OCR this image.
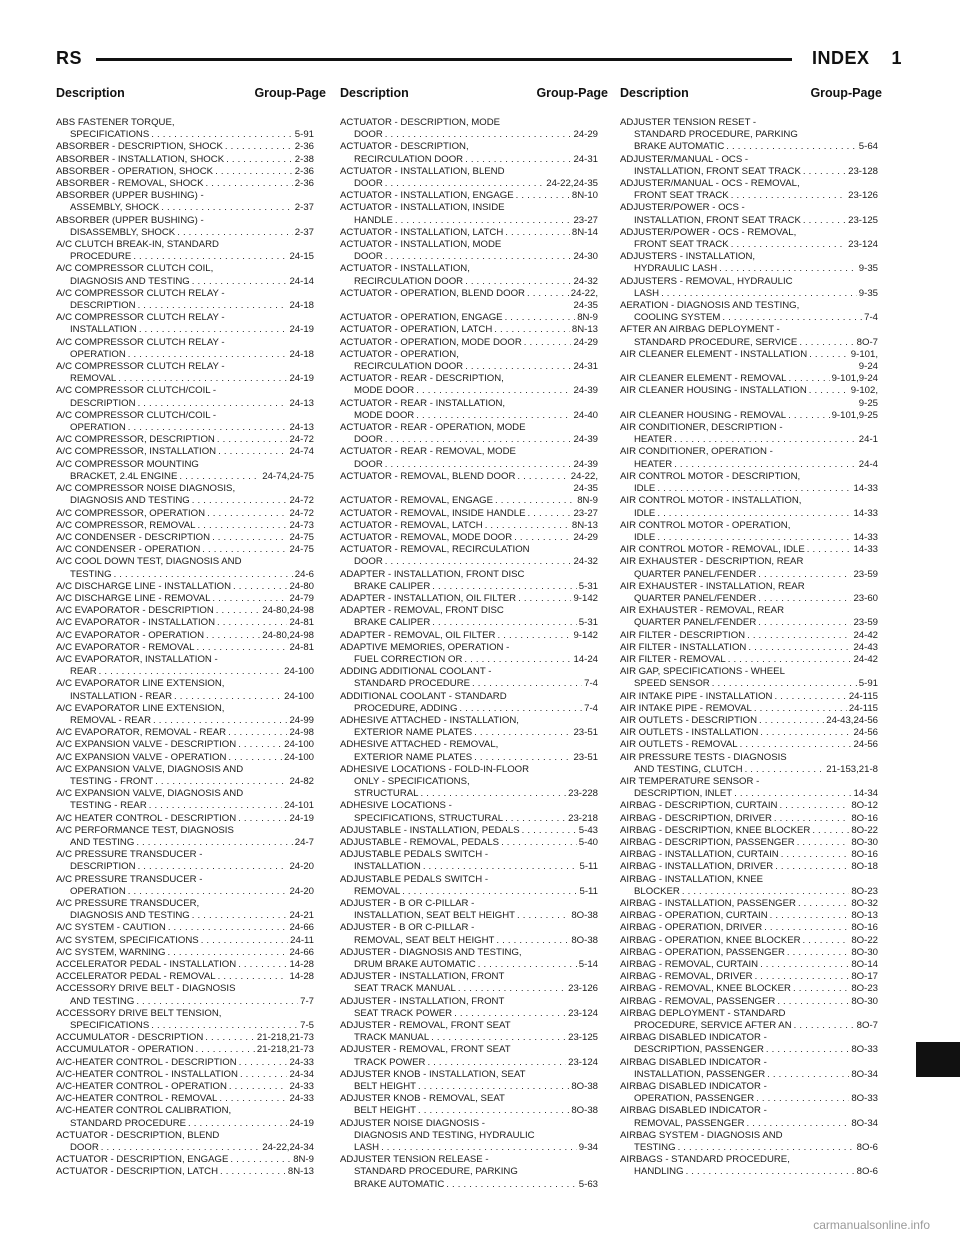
RS	INDEX 1
Description	Group-Page Description	Group-Page Description	Group-Page
ABS FASTENER TORQUE,
SPECIFICATIONS . . .	5-91
ABSORBER - DESCRIPTION, SHOCK . . .	2-36
ABSORBER - INSTALLATION, SHOCK . . .	2-38
ABSORBER - OPERATION, SHOCK . . .	2-36
ABSORBER - REMOVAL, SHOCK . . .	2-36
ABSORBER (UPPER BUSHING) -
ASSEMBLY, SHOCK . . .	2-37
ABSORBER (UPPER BUSHING) -
DISASSEMBLY, SHOCK . . .	2-37
A/C CLUTCH BREAK-IN, STANDARD
PROCEDURE . . .	24-15
A/C COMPRESSOR CLUTCH COIL,
DIAGNOSIS AND TESTING . . .	24-14
A/C COMPRESSOR CLUTCH RELAY -
DESCRIPTION . . .	24-18
A/C COMPRESSOR CLUTCH RELAY -
INSTALLATION . . .	24-19
A/C COMPRESSOR CLUTCH RELAY -
OPERATION . . .	24-18
A/C COMPRESSOR CLUTCH RELAY -
REMOVAL . . .	24-19
A/C COMPRESSOR CLUTCH/COIL -
DESCRIPTION . . .	24-13
A/C COMPRESSOR CLUTCH/COIL -
OPERATION . . .	24-13
A/C COMPRESSOR, DESCRIPTION . . .	24-72
A/C COMPRESSOR, INSTALLATION . . .	24-74
A/C COMPRESSOR MOUNTING
BRACKET, 2.4L ENGINE . . .	24-74,24-75
A/C COMPRESSOR NOISE DIAGNOSIS,
DIAGNOSIS AND TESTING . . .	24-72
A/C COMPRESSOR, OPERATION . . .	24-72
A/C COMPRESSOR, REMOVAL . . .	24-73
A/C CONDENSER - DESCRIPTION . . .	24-75
A/C CONDENSER - OPERATION . . .	24-75
A/C COOL DOWN TEST, DIAGNOSIS AND
TESTING . . .	24-6
A/C DISCHARGE LINE - INSTALLATION . . .	24-80
A/C DISCHARGE LINE - REMOVAL . . .	24-79
A/C EVAPORATOR - DESCRIPTION . . .	24-80,24-98
A/C EVAPORATOR - INSTALLATION . . .	24-81
A/C EVAPORATOR - OPERATION . . .	24-80,24-98
A/C EVAPORATOR - REMOVAL . . .	24-81
A/C EVAPORATOR, INSTALLATION -
REAR . . .	24-100
A/C EVAPORATOR LINE EXTENSION,
INSTALLATION - REAR . . .	24-100
A/C EVAPORATOR LINE EXTENSION,
REMOVAL - REAR . . .	24-99
A/C EVAPORATOR, REMOVAL - REAR . . .	24-98
A/C EXPANSION VALVE - DESCRIPTION . . .	24-100
A/C EXPANSION VALVE - OPERATION . . .	24-100
A/C EXPANSION VALVE, DIAGNOSIS AND
TESTING - FRONT . . .	24-82
A/C EXPANSION VALVE, DIAGNOSIS AND
TESTING - REAR . . .	24-101
A/C HEATER CONTROL - DESCRIPTION . . .	24-19
A/C PERFORMANCE TEST, DIAGNOSIS
AND TESTING . . .	24-7
A/C PRESSURE TRANSDUCER -
DESCRIPTION . . .	24-20
A/C PRESSURE TRANSDUCER -
OPERATION . . .	24-20
A/C PRESSURE TRANSDUCER,
DIAGNOSIS AND TESTING . . .	24-21
A/C SYSTEM - CAUTION . . .	24-66
A/C SYSTEM, SPECIFICATIONS . . .	24-11
A/C SYSTEM, WARNING . . .	24-66
ACCELERATOR PEDAL - INSTALLATION . . .	14-28
ACCELERATOR PEDAL - REMOVAL . . .	14-28
ACCESSORY DRIVE BELT - DIAGNOSIS
AND TESTING . . .	7-7
ACCESSORY DRIVE BELT TENSION,
SPECIFICATIONS . . .	7-5
ACCUMULATOR - DESCRIPTION . . .	21-218,21-73
ACCUMULATOR - OPERATION . . .	21-218,21-73
A/C-HEATER CONTROL - DESCRIPTION . . .	24-33
A/C-HEATER CONTROL - INSTALLATION . . .	24-34
A/C-HEATER CONTROL - OPERATION . . .	24-33
A/C-HEATER CONTROL - REMOVAL . . .	24-33
A/C-HEATER CONTROL CALIBRATION,
STANDARD PROCEDURE . . .	24-19
ACTUATOR - DESCRIPTION, BLEND
DOOR . . .	24-22,24-34
ACTUATOR - DESCRIPTION, ENGAGE . . .	8N-9
ACTUATOR - DESCRIPTION, LATCH . . .	8N-13
ACTUATOR - DESCRIPTION, MODE
DOOR . . .	24-29
ACTUATOR - DESCRIPTION,
RECIRCULATION DOOR . . .	24-31
ACTUATOR - INSTALLATION, BLEND
DOOR . . .	24-22,24-35
ACTUATOR - INSTALLATION, ENGAGE . . .	8N-10
ACTUATOR - INSTALLATION, INSIDE
HANDLE . . .	23-27
ACTUATOR - INSTALLATION, LATCH . . .	8N-14
ACTUATOR - INSTALLATION, MODE
DOOR . . .	24-30
ACTUATOR - INSTALLATION,
RECIRCULATION DOOR . . .	24-32
ACTUATOR - OPERATION, BLEND DOOR . . .	24-22,
24-35
ACTUATOR - OPERATION, ENGAGE . . .	8N-9
ACTUATOR - OPERATION, LATCH . . .	8N-13
ACTUATOR - OPERATION, MODE DOOR . . .	24-29
ACTUATOR - OPERATION,
RECIRCULATION DOOR . . .	24-31
ACTUATOR - REAR - DESCRIPTION,
MODE DOOR . . .	24-39
ACTUATOR - REAR - INSTALLATION,
MODE DOOR . . .	24-40
ACTUATOR - REAR - OPERATION, MODE
DOOR . . .	24-39
ACTUATOR - REAR - REMOVAL, MODE
DOOR . . .	24-39
ACTUATOR - REMOVAL, BLEND DOOR . . .	24-22,
24-35
ACTUATOR - REMOVAL, ENGAGE . . .	8N-9
ACTUATOR - REMOVAL, INSIDE HANDLE . . .	23-27
ACTUATOR - REMOVAL, LATCH . . .	8N-13
ACTUATOR - REMOVAL, MODE DOOR . . .	24-29
ACTUATOR - REMOVAL, RECIRCULATION
DOOR . . .	24-32
ADAPTER - INSTALLATION, FRONT DISC
BRAKE CALIPER . . .	5-31
ADAPTER - INSTALLATION, OIL FILTER . . .	9-142
ADAPTER - REMOVAL, FRONT DISC
BRAKE CALIPER . . .	5-31
ADAPTER - REMOVAL, OIL FILTER . . .	9-142
ADAPTIVE MEMORIES, OPERATION -
FUEL CORRECTION OR . . .	14-24
ADDING ADDITIONAL COOLANT -
STANDARD PROCEDURE . . .	7-4
ADDITIONAL COOLANT - STANDARD
PROCEDURE, ADDING . . .	7-4
ADHESIVE ATTACHED - INSTALLATION,
EXTERIOR NAME PLATES . . .	23-51
ADHESIVE ATTACHED - REMOVAL,
EXTERIOR NAME PLATES . . .	23-51
ADHESIVE LOCATIONS - FOLD-IN-FLOOR
ONLY - SPECIFICATIONS,
STRUCTURAL . . .	23-228
ADHESIVE LOCATIONS -
SPECIFICATIONS, STRUCTURAL . . .	23-218
ADJUSTABLE - INSTALLATION, PEDALS . . .	5-43
ADJUSTABLE - REMOVAL, PEDALS . . .	5-40
ADJUSTABLE PEDALS SWITCH -
INSTALLATION . . .	5-11
ADJUSTABLE PEDALS SWITCH -
REMOVAL . . .	5-11
ADJUSTER - B OR C-PILLAR -
INSTALLATION, SEAT BELT HEIGHT . . .	8O-38
ADJUSTER - B OR C-PILLAR -
REMOVAL, SEAT BELT HEIGHT . . .	8O-38
ADJUSTER - DIAGNOSIS AND TESTING,
DRUM BRAKE AUTOMATIC . . .	5-14
ADJUSTER - INSTALLATION, FRONT
SEAT TRACK MANUAL . . .	23-126
ADJUSTER - INSTALLATION, FRONT
SEAT TRACK POWER . . .	23-124
ADJUSTER - REMOVAL, FRONT SEAT
TRACK MANUAL . . .	23-125
ADJUSTER - REMOVAL, FRONT SEAT
TRACK POWER . . .	23-124
ADJUSTER KNOB - INSTALLATION, SEAT
BELT HEIGHT . . .	8O-38
ADJUSTER KNOB - REMOVAL, SEAT
BELT HEIGHT . . .	8O-38
ADJUSTER NOISE DIAGNOSIS -
DIAGNOSIS AND TESTING, HYDRAULIC
LASH . . .	9-34
ADJUSTER TENSION RELEASE -
STANDARD PROCEDURE, PARKING
BRAKE AUTOMATIC . . .	5-63
ADJUSTER TENSION RESET -
STANDARD PROCEDURE, PARKING
BRAKE AUTOMATIC . . .	5-64
ADJUSTER/MANUAL - OCS -
INSTALLATION, FRONT SEAT TRACK . . .	23-128
ADJUSTER/MANUAL - OCS - REMOVAL,
FRONT SEAT TRACK . . .	23-126
ADJUSTER/POWER - OCS -
INSTALLATION, FRONT SEAT TRACK . . .	23-125
ADJUSTER/POWER - OCS - REMOVAL,
FRONT SEAT TRACK . . .	23-124
ADJUSTERS - INSTALLATION,
HYDRAULIC LASH . . .	9-35
ADJUSTERS - REMOVAL, HYDRAULIC
LASH . . .	9-35
AERATION - DIAGNOSIS AND TESTING,
COOLING SYSTEM . . .	7-4
AFTER AN AIRBAG DEPLOYMENT -
STANDARD PROCEDURE, SERVICE . . .	8O-7
AIR CLEANER ELEMENT - INSTALLATION . . .	9-101,
9-24
AIR CLEANER ELEMENT - REMOVAL . . .	9-101,9-24
AIR CLEANER HOUSING - INSTALLATION . . .	9-102,
9-25
AIR CLEANER HOUSING - REMOVAL . . .	9-101,9-25
AIR CONDITIONER, DESCRIPTION -
HEATER . . .	24-1
AIR CONDITIONER, OPERATION -
HEATER . . .	24-4
AIR CONTROL MOTOR - DESCRIPTION,
IDLE . . .	14-33
AIR CONTROL MOTOR - INSTALLATION,
IDLE . . .	14-33
AIR CONTROL MOTOR - OPERATION,
IDLE . . .	14-33
AIR CONTROL MOTOR - REMOVAL, IDLE . . .	14-33
AIR EXHAUSTER - DESCRIPTION, REAR
QUARTER PANEL/FENDER . . .	23-59
AIR EXHAUSTER - INSTALLATION, REAR
QUARTER PANEL/FENDER . . .	23-60
AIR EXHAUSTER - REMOVAL, REAR
QUARTER PANEL/FENDER . . .	23-59
AIR FILTER - DESCRIPTION . . .	24-42
AIR FILTER - INSTALLATION . . .	24-43
AIR FILTER - REMOVAL . . .	24-42
AIR GAP, SPECIFICATIONS - WHEEL
SPEED SENSOR . . .	5-91
AIR INTAKE PIPE - INSTALLATION . . .	24-115
AIR INTAKE PIPE - REMOVAL . . .	24-115
AIR OUTLETS - DESCRIPTION . . .	24-43,24-56
AIR OUTLETS - INSTALLATION . . .	24-56
AIR OUTLETS - REMOVAL . . .	24-56
AIR PRESSURE TESTS - DIAGNOSIS
AND TESTING, CLUTCH . . .	21-153,21-8
AIR TEMPERATURE SENSOR -
DESCRIPTION, INLET . . .	14-34
AIRBAG - DESCRIPTION, CURTAIN . . .	8O-12
AIRBAG - DESCRIPTION, DRIVER . . .	8O-16
AIRBAG - DESCRIPTION, KNEE BLOCKER . . .	8O-22
AIRBAG - DESCRIPTION, PASSENGER . . .	8O-30
AIRBAG - INSTALLATION, CURTAIN . . .	8O-16
AIRBAG - INSTALLATION, DRIVER . . .	8O-18
AIRBAG - INSTALLATION, KNEE
BLOCKER . . .	8O-23
AIRBAG - INSTALLATION, PASSENGER . . .	8O-32
AIRBAG - OPERATION, CURTAIN . . .	8O-13
AIRBAG - OPERATION, DRIVER . . .	8O-16
AIRBAG - OPERATION, KNEE BLOCKER . . .	8O-22
AIRBAG - OPERATION, PASSENGER . . .	8O-30
AIRBAG - REMOVAL, CURTAIN . . .	8O-14
AIRBAG - REMOVAL, DRIVER . . .	8O-17
AIRBAG - REMOVAL, KNEE BLOCKER . . .	8O-23
AIRBAG - REMOVAL, PASSENGER . . .	8O-30
AIRBAG DEPLOYMENT - STANDARD
PROCEDURE, SERVICE AFTER AN . . .	8O-7
AIRBAG DISABLED INDICATOR -
DESCRIPTION, PASSENGER . . .	8O-33
AIRBAG DISABLED INDICATOR -
INSTALLATION, PASSENGER . . .	8O-34
AIRBAG DISABLED INDICATOR -
OPERATION, PASSENGER . . .	8O-33
AIRBAG DISABLED INDICATOR -
REMOVAL, PASSENGER . . .	8O-34
AIRBAG SYSTEM - DIAGNOSIS AND
TESTING . . .	8O-6
AIRBAGS - STANDARD PROCEDURE,
HANDLING . . .	8O-6
carmanualsonline.info
